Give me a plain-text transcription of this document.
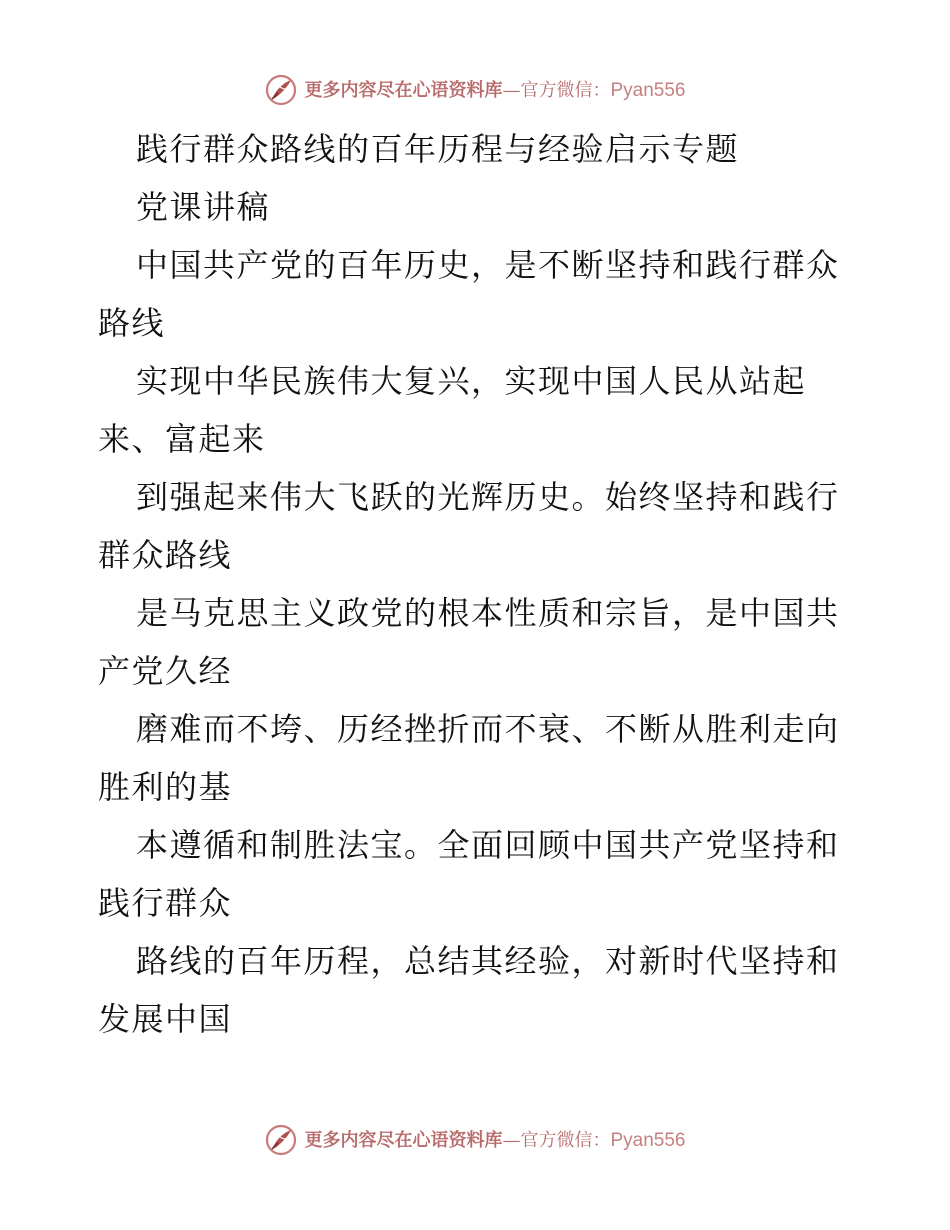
更多内容尽在心语资料库—官方微信：Pyan556
践行群众路线的百年历程与经验启示专题
党课讲稿
中国共产党的百年历史，是不断坚持和践行群众
路线
实现中华民族伟大复兴，实现中国人民从站起
来、富起来
到强起来伟大飞跃的光辉历史。始终坚持和践行
群众路线
是马克思主义政党的根本性质和宗旨，是中国共
产党久经
磨难而不垮、历经挫折而不衰、不断从胜利走向
胜利的基
本遵循和制胜法宝。全面回顾中国共产党坚持和
践行群众
路线的百年历程，总结其经验，对新时代坚持和
发展中国
更多内容尽在心语资料库—官方微信：Pyan556
